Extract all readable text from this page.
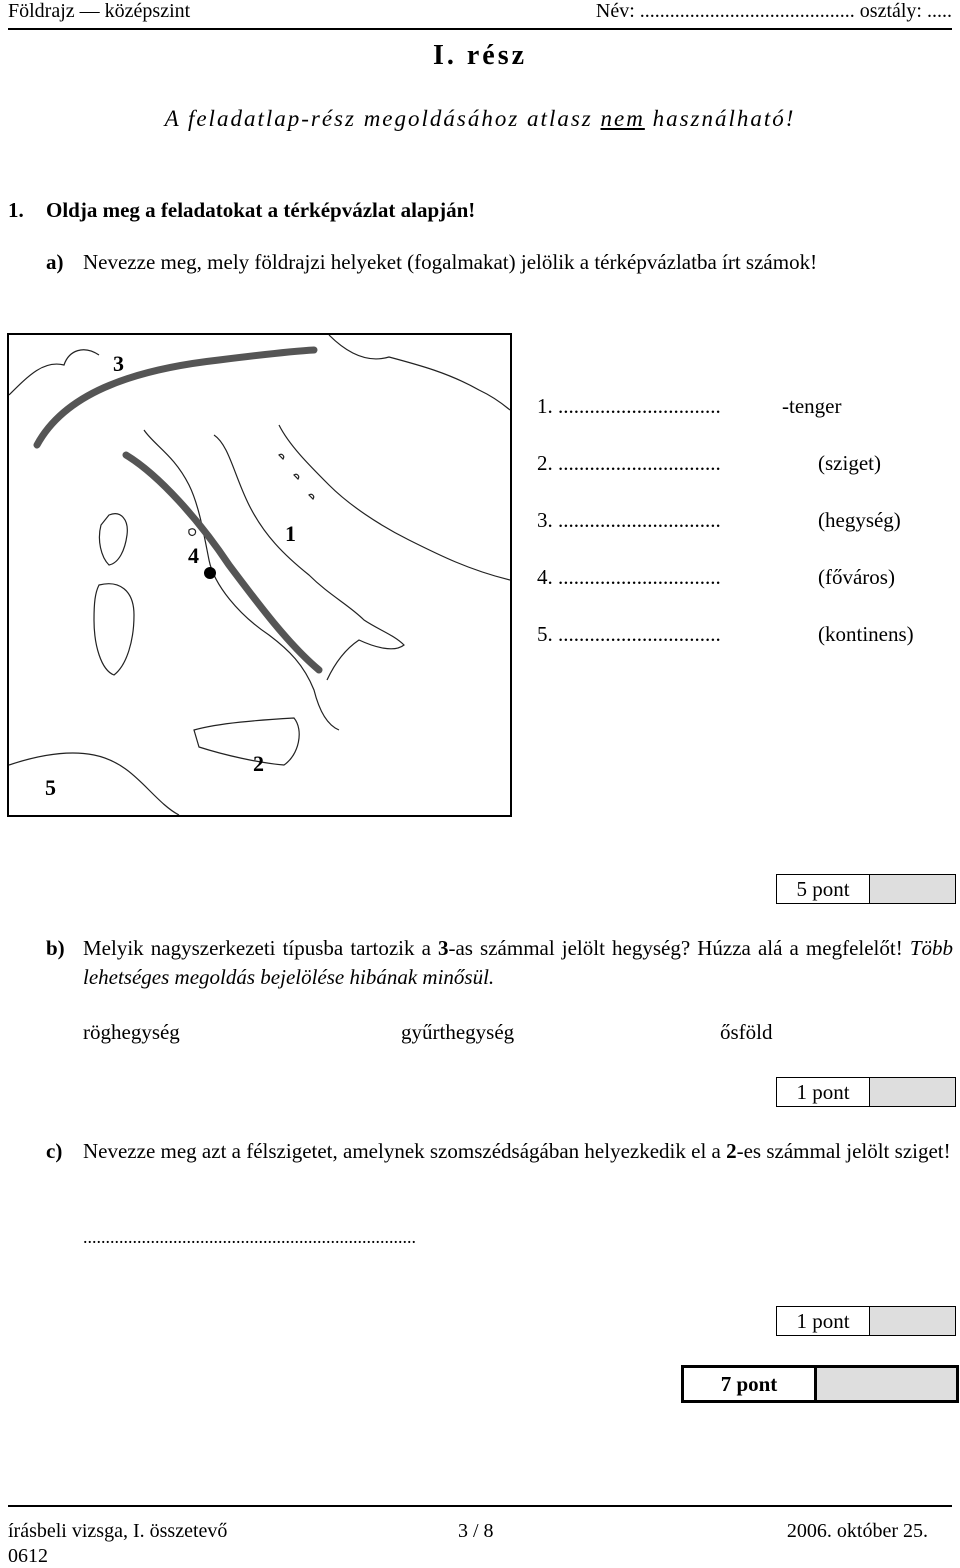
Földrajz — középszint	Név: ........................................... osztály: .....
I. rész
A feladatlap-rész megoldásához atlasz nem használható!
1. Oldja meg a feladatokat a térképvázlat alapján!
a) Nevezze meg, mely földrajzi helyeket (fogalmakat) jelölik a térképvázlatba írt számok!
3
1
4
2
5
1. ...............................	-tenger
2. ...............................	(sziget)
3. ...............................	(hegység)
4. ...............................	(főváros)
5. ...............................	(kontinens)
5 pont
b) Melyik nagyszerkezeti típusba tartozik a 3-as számmal jelölt hegység? Húzza alá a megfelelőt! Több lehetséges megoldás bejelölése hibának minősül.
röghegység	gyűrthegység	ősföld
1 pont
c) Nevezze meg azt a félszigetet, amelynek szomszédságában helyezkedik el a 2-es számmal jelölt sziget!
..........................................................................
1 pont
7 pont
írásbeli vizsga, I. összetevő
0612
3 / 8	2006. október 25.
